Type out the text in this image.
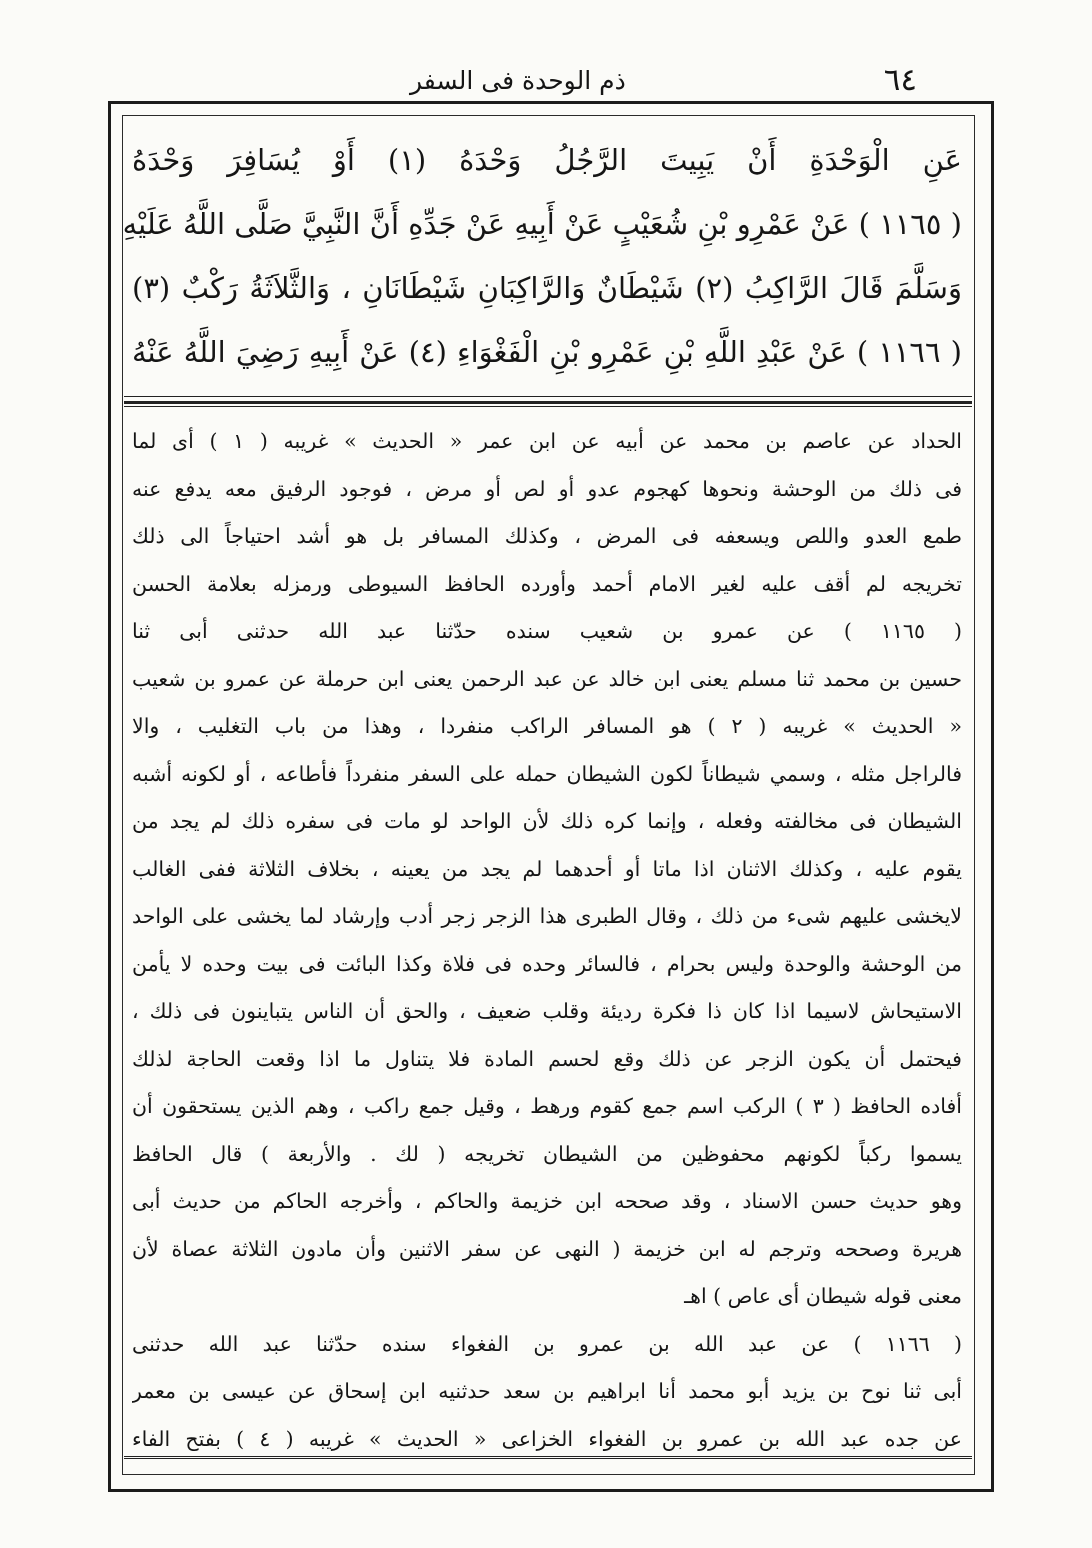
٦٤
ذم الوحدة فى السفر
عَنِ الْوَحْدَةِ أَنْ يَبِيتَ الرَّجُلُ وَحْدَهُ (١) أَوْ يُسَافِرَ وَحْدَهُ
( ١١٦٥ ) عَنْ عَمْرِو بْنِ شُعَيْبٍ عَنْ أَبِيهِ عَنْ جَدِّهِ أَنَّ النَّبِيَّ صَلَّى اللَّهُ عَلَيْهِ
وَسَلَّمَ قَالَ الرَّاكِبُ (٢) شَيْطَانٌ وَالرَّاكِبَانِ شَيْطَانَانِ ، وَالثَّلاَثَةُ رَكْبٌ (٣)
( ١١٦٦ ) عَنْ عَبْدِ اللَّهِ بْنِ عَمْرِو بْنِ الْفَغْوَاءِ (٤) عَنْ أَبِيهِ رَضِيَ اللَّهُ عَنْهُ
الحداد عن عاصم بن محمد عن أبيه عن ابن عمر « الحديث » غريبه ( ١ ) أى لما
فى ذلك من الوحشة ونحوها كهجوم عدو أو لص أو مرض ، فوجود الرفيق معه يدفع عنه
طمع العدو واللص ويسعفه فى المرض ، وكذلك المسافر بل هو أشد احتياجاً الى ذلك
تخريجه لم أقف عليه لغير الامام أحمد وأورده الحافظ السيوطى ورمزله بعلامة الحسن
( ١١٦٥ ) عن عمرو بن شعيب سنده حدّثنا عبد الله حدثنى أبى ثنا
حسين بن محمد ثنا مسلم يعنى ابن خالد عن عبد الرحمن يعنى ابن حرملة عن عمرو بن شعيب
« الحديث » غريبه ( ٢ ) هو المسافر الراكب منفردا ، وهذا من باب التغليب ، والا
فالراجل مثله ، وسمي شيطاناً لكون الشيطان حمله على السفر منفرداً فأطاعه ، أو لكونه أشبه
الشيطان فى مخالفته وفعله ، وإنما كره ذلك لأن الواحد لو مات فى سفره ذلك لم يجد من
يقوم عليه ، وكذلك الاثنان اذا ماتا أو أحدهما لم يجد من يعينه ، بخلاف الثلاثة ففى الغالب
لايخشى عليهم شىء من ذلك ، وقال الطبرى هذا الزجر زجر أدب وإرشاد لما يخشى على الواحد
من الوحشة والوحدة وليس بحرام ، فالسائر وحده فى فلاة وكذا البائت فى بيت وحده لا يأمن
الاستيحاش لاسيما اذا كان ذا فكرة رديئة وقلب ضعيف ، والحق أن الناس يتباينون فى ذلك ،
فيحتمل أن يكون الزجر عن ذلك وقع لحسم المادة فلا يتناول ما اذا وقعت الحاجة لذلك
أفاده الحافظ ( ٣ ) الركب اسم جمع كقوم ورهط ، وقيل جمع راكب ، وهم الذين يستحقون أن
يسموا ركباً لكونهم محفوظين من الشيطان تخريجه ( لك . والأربعة ) قال الحافظ
وهو حديث حسن الاسناد ، وقد صححه ابن خزيمة والحاكم ، وأخرجه الحاكم من حديث أبى
هريرة وصححه وترجم له ابن خزيمة ( النهى عن سفر الاثنين وأن مادون الثلاثة عصاة لأن
معنى قوله شيطان أى عاص ) اهـ
( ١١٦٦ ) عن عبد الله بن عمرو بن الفغواء سنده حدّثنا عبد الله حدثنى
أبى ثنا نوح بن يزيد أبو محمد أنا ابراهيم بن سعد حدثنيه ابن إسحاق عن عيسى بن معمر
عن جده عبد الله بن عمرو بن الفغواء الخزاعى « الحديث » غريبه ( ٤ ) بفتح الفاء
